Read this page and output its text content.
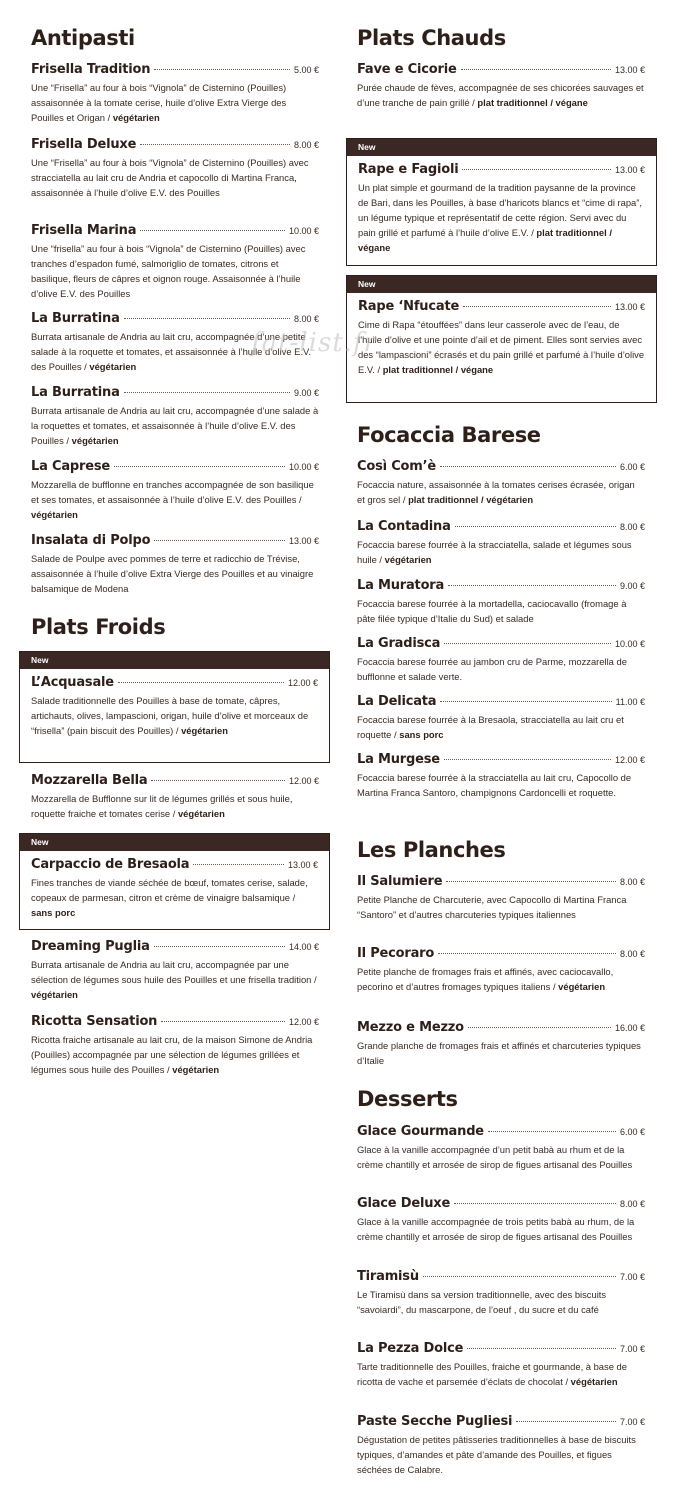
Antipasti
Frisella Tradition	5.00 €
Une “Frisella” au four à bois “Vignola” de Cisternino (Pouilles) assaisonnée à la tomate cerise, huile d’olive Extra Vierge des Pouilles et Origan / végétarien
Frisella Deluxe	8.00 €
Une “Frisella” au four à bois “Vignola” de Cisternino (Pouilles) avec stracciatella au lait cru de Andria et capocollo di Martina Franca, assaisonnée à l’huile d’olive E.V. des Pouilles
Frisella Marina	10.00 €
Une “frisella” au four à bois “Vignola” de Cisternino (Pouilles) avec tranches d’espadon fumé, salmoriglio de tomates, citrons et basilique, fleurs de câpres et oignon rouge. Assaisonnée à l’huile d’olive E.V. des Pouilles
La Burratina	8.00 €
Burrata artisanale de Andria au lait cru, accompagnée d’une petite salade à la roquette et tomates, et assaisonnée à l’huile d’olive E.V. des Pouilles / végétarien
La Burratina	9.00 €
Burrata artisanale de Andria au lait cru, accompagnée d’une salade à la roquettes et tomates, et assaisonnée à l’huile d’olive E.V. des Pouilles / végétarien
La Caprese	10.00 €
Mozzarella de bufflonne en tranches accompagnée de son basilique et ses tomates, et assaisonnée à l’huile d’olive E.V. des Pouilles / végétarien
Insalata di Polpo	13.00 €
Salade de Poulpe avec pommes de terre et radicchio de Trévise, assaisonnée à l’huile d’olive Extra Vierge des Pouilles et au vinaigre balsamique de Modena
Plats Froids
New
L’Acquasale	12.00 €
Salade traditionnelle des Pouilles à base de tomate, câpres, artichauts, olives, lampascioni, origan, huile d’olive et morceaux de “frisella” (pain biscuit des Pouilles) / végétarien
Mozzarella Bella	12.00 €
Mozzarella de Bufflonne sur lit de légumes grillés et sous huile, roquette fraiche et tomates cerise / végétarien
New
Carpaccio de Bresaola	13.00 €
Fines tranches de viande séchée de bœuf, tomates cerise, salade, copeaux de parmesan, citron et crème de vinaigre balsamique / sans porc
Dreaming Puglia	14.00 €
Burrata artisanale de Andria au lait cru, accompagnée par une sélection de légumes sous huile des Pouilles et une frisella tradition / végétarien
Ricotta Sensation	12.00 €
Ricotta fraiche artisanale au lait cru, de la maison Simone de Andria (Pouilles) accompagnée par une sélection de légumes grillées et légumes sous huile des Pouilles / végétarien
Plats Chauds
Fave e Cicorie	13.00 €
Purée chaude de fèves, accompagnée de ses chicorées sauvages et d’une tranche de pain grillé / plat traditionnel / végane
New
Rape e Fagioli	13.00 €
Un plat simple et gourmand de la tradition paysanne de la province de Bari, dans les Pouilles, à base d’haricots blancs et “cime di rapa”, un légume typique et représentatif de cette région. Servi avec du pain grillé et parfumé à l’huile d’olive E.V. / plat traditionnel / végane
New
Rape ‘Nfucate	13.00 €
Cime di Rapa “étouffées” dans leur casserole avec de l’eau, de l’huile d’olive et une pointe d’ail et de piment. Elles sont servies avec des “lampascioni” écrasés et du pain grillé et parfumé à l’huile d’olive E.V. / plat traditionnel / végane
Focaccia Barese
Così Com’è	6.00 €
Focaccia nature, assaisonnée à la tomates cerises écrasée, origan et gros sel / plat traditionnel / végétarien
La Contadina	8.00 €
Focaccia barese fourrée à la stracciatella, salade et légumes sous huile / végétarien
La Muratora	9.00 €
Focaccia barese fourrée à la mortadella, caciocavallo (fromage à pâte filée typique d’Italie du Sud) et salade
La Gradisca	10.00 €
Focaccia barese fourrée au jambon cru de Parme, mozzarella de bufflonne et salade verte.
La Delicata	11.00 €
Focaccia barese fourrée à la Bresaola, stracciatella au lait cru et roquette / sans porc
La Murgese	12.00 €
Focaccia barese fourrée à la stracciatella au lait cru, Capocollo de Martina Franca Santoro, champignons Cardoncelli et roquette.
Les Planches
Il Salumiere	8.00 €
Petite Planche de Charcuterie, avec Capocollo di Martina Franca “Santoro” et d’autres charcuteries typiques italiennes
Il Pecoraro	8.00 €
Petite planche de fromages frais et affinés, avec caciocavallo, pecorino et d’autres fromages typiques italiens / végétarien
Mezzo e Mezzo	16.00 €
Grande planche de fromages frais et affinés et charcuteries typiques d’Italie
Desserts
Glace Gourmande	6.00 €
Glace à la vanille accompagnée d’un petit babà au rhum et de la crème chantilly et arrosée de sirop de figues artisanal des Pouilles
Glace Deluxe	8.00 €
Glace à la vanille accompagnée de trois petits babà au rhum, de la crème chantilly et arrosée de sirop de figues artisanal des Pouilles
Tiramisù	7.00 €
Le Tiramisù dans sa version traditionnelle, avec des biscuits “savoiardi”, du mascarpone, de l’oeuf , du sucre et du café
La Pezza Dolce	7.00 €
Tarte traditionnelle des Pouilles, fraiche et gourmande, à base de ricotta de vache et parsemée d’éclats de chocolat / végétarien
Paste Secche Pugliesi	7.00 €
Dégustation de petites pâtisseries traditionnelles à base de biscuits typiques, d’amandes et pâte d’amande des Pouilles, et figues séchées de Calabre.
fat-list.fr
